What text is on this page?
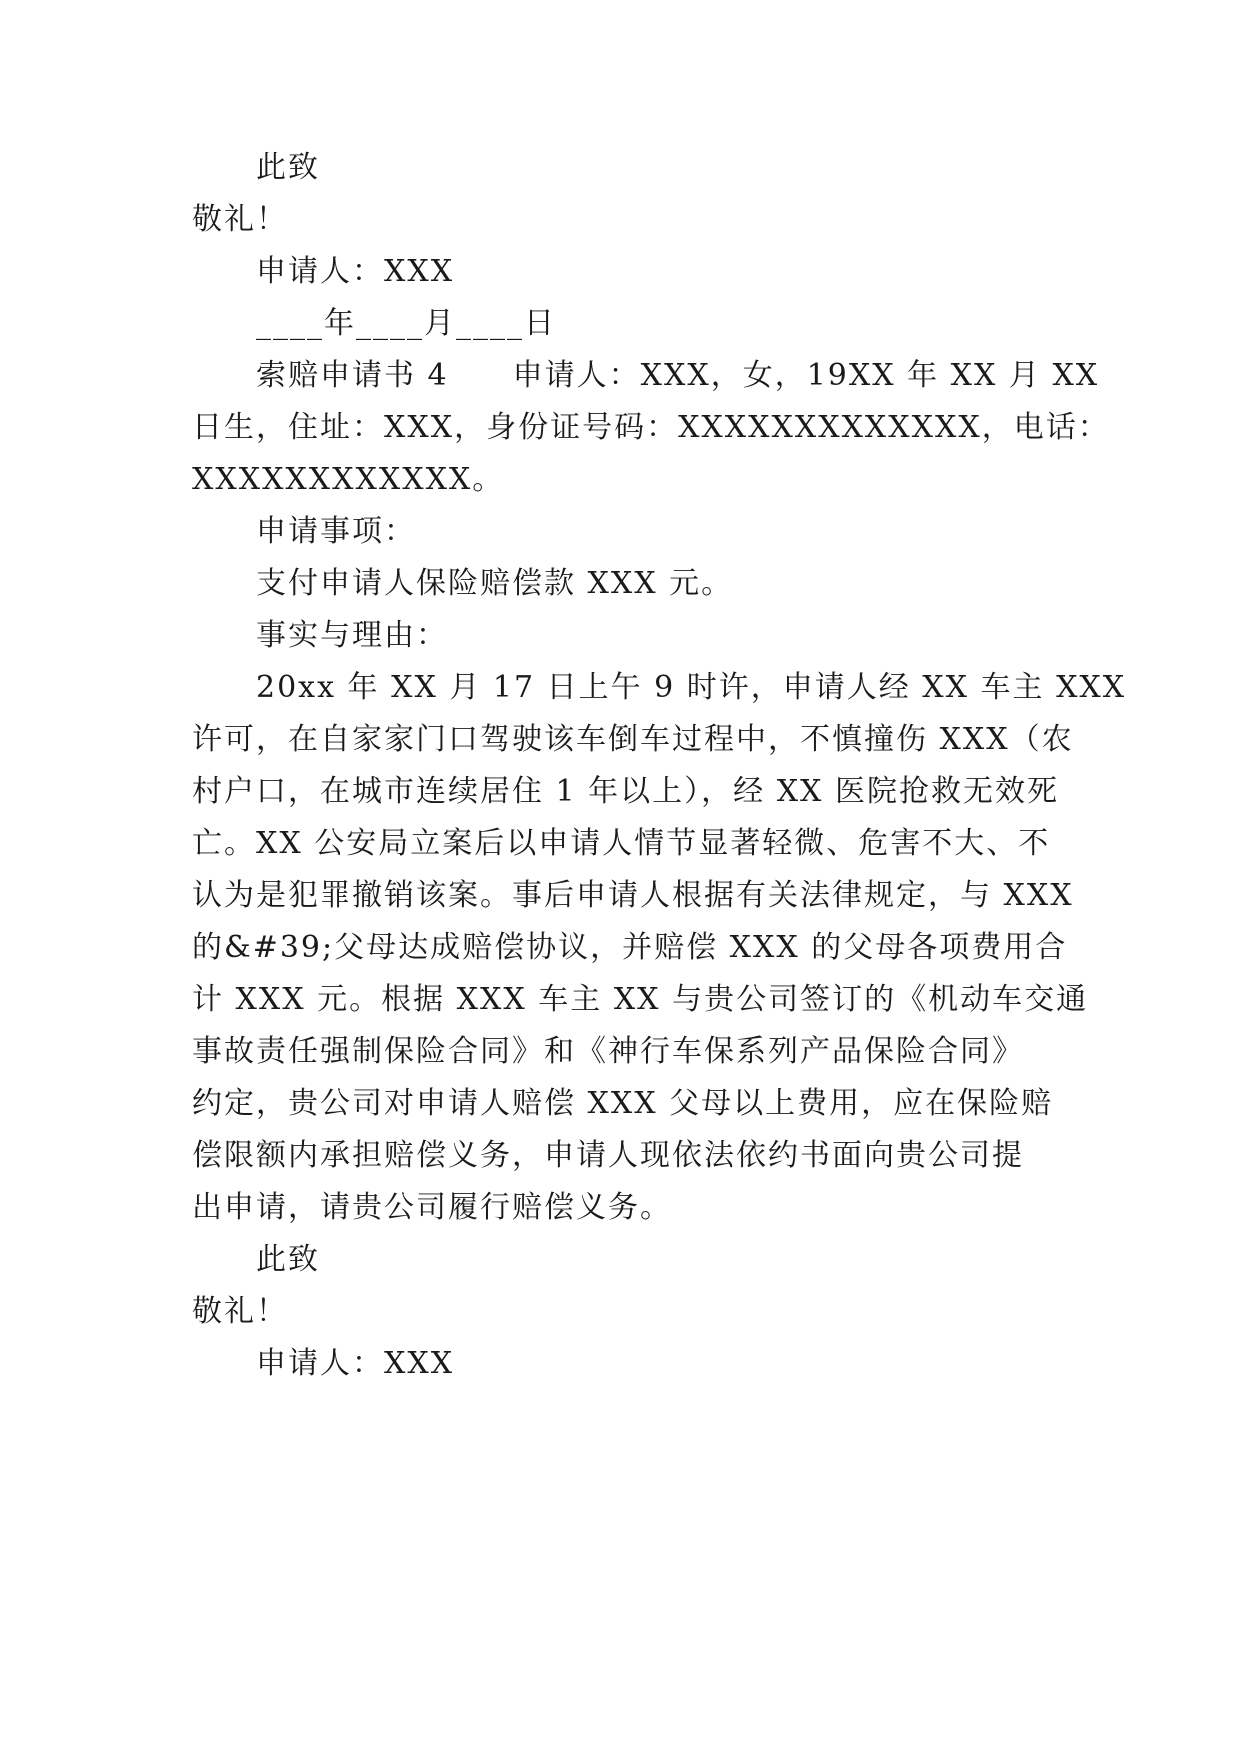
此致
敬礼！
申请人：XXX
____年____月____日
索赔申请书 4　　申请人：XXX，女，19XX 年 XX 月 XX
日生，住址：XXX，身份证号码：XXXXXXXXXXXXX，电话：
XXXXXXXXXXXX。
申请事项：
支付申请人保险赔偿款 XXX 元。
事实与理由：
20xx 年 XX 月 17 日上午 9 时许，申请人经 XX 车主 XXX
许可，在自家家门口驾驶该车倒车过程中，不慎撞伤 XXX（农
村户口，在城市连续居住 1 年以上），经 XX 医院抢救无效死
亡。XX 公安局立案后以申请人情节显著轻微、危害不大、不
认为是犯罪撤销该案。事后申请人根据有关法律规定，与 XXX
的&#39;父母达成赔偿协议，并赔偿 XXX 的父母各项费用合
计 XXX 元。根据 XXX 车主 XX 与贵公司签订的《机动车交通
事故责任强制保险合同》和《神行车保系列产品保险合同》
约定，贵公司对申请人赔偿 XXX 父母以上费用，应在保险赔
偿限额内承担赔偿义务，申请人现依法依约书面向贵公司提
出申请，请贵公司履行赔偿义务。
此致
敬礼！
申请人：XXX
